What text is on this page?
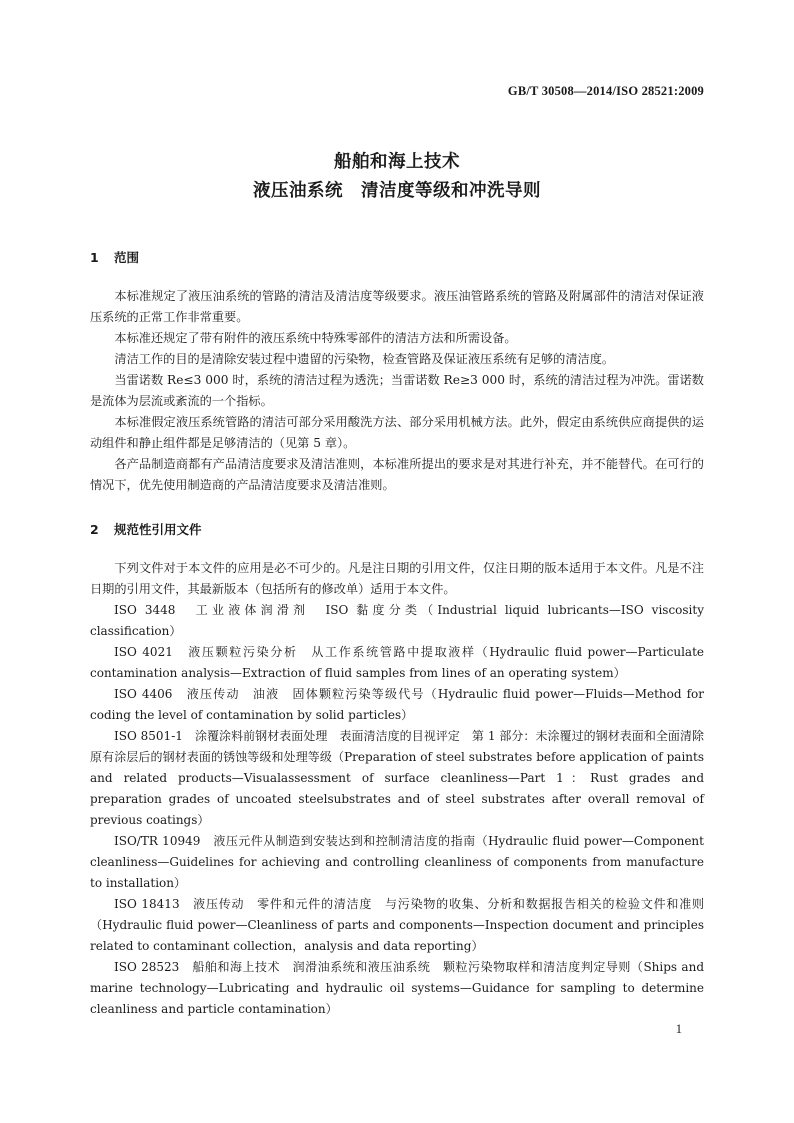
GB/T 30508—2014/ISO 28521:2009
船舶和海上技术
液压油系统　清洁度等级和冲洗导则
1 范围

本标准规定了液压油系统的管路的清洁及清洁度等级要求。液压油管路系统的管路及附属部件的清洁对保证液压系统的正常工作非常重要。

本标准还规定了带有附件的液压系统中特殊零部件的清洁方法和所需设备。

清洁工作的目的是清除安装过程中遗留的污染物，检查管路及保证液压系统有足够的清洁度。

当雷诺数 Re≤3 000 时，系统的清洁过程为透洗；当雷诺数 Re≥3 000 时，系统的清洁过程为冲洗。雷诺数是流体为层流或紊流的一个指标。

本标准假定液压系统管路的清洁可部分采用酸洗方法、部分采用机械方法。此外，假定由系统供应商提供的运动组件和静止组件都是足够清洁的（见第 5 章）。

各产品制造商都有产品清洁度要求及清洁准则，本标准所提出的要求是对其进行补充，并不能替代。在可行的情况下，优先使用制造商的产品清洁度要求及清洁准则。

2 规范性引用文件

下列文件对于本文件的应用是必不可少的。凡是注日期的引用文件，仅注日期的版本适用于本文件。凡是不注日期的引用文件，其最新版本（包括所有的修改单）适用于本文件。

ISO 3448　工业液体润滑剂　ISO 黏度分类（Industrial liquid lubricants—ISO viscosity classification）

ISO 4021　液压颗粒污染分析　从工作系统管路中提取液样（Hydraulic fluid power—Particulate contamination analysis—Extraction of fluid samples from lines of an operating system）

ISO 4406　液压传动　油液　固体颗粒污染等级代号（Hydraulic fluid power—Fluids—Method for coding the level of contamination by solid particles）

ISO 8501-1　涂覆涂料前钢材表面处理　表面清洁度的目视评定　第 1 部分：未涂覆过的钢材表面和全面清除原有涂层后的钢材表面的锈蚀等级和处理等级（Preparation of steel substrates before application of paints and related products—Visualassessment of surface cleanliness—Part 1：Rust grades and preparation grades of uncoated steelsubstrates and of steel substrates after overall removal of previous coatings）

ISO/TR 10949　液压元件从制造到安装达到和控制清洁度的指南（Hydraulic fluid power—Component cleanliness—Guidelines for achieving and controlling cleanliness of components from manufacture to installation）

ISO 18413　液压传动　零件和元件的清洁度　与污染物的收集、分析和数据报告相关的检验文件和准则（Hydraulic fluid power—Cleanliness of parts and components—Inspection document and principles related to contaminant collection，analysis and data reporting）

ISO 28523　船舶和海上技术　润滑油系统和液压油系统　颗粒污染物取样和清洁度判定导则（Ships and marine technology—Lubricating and hydraulic oil systems—Guidance for sampling to determine cleanliness and particle contamination）

1
